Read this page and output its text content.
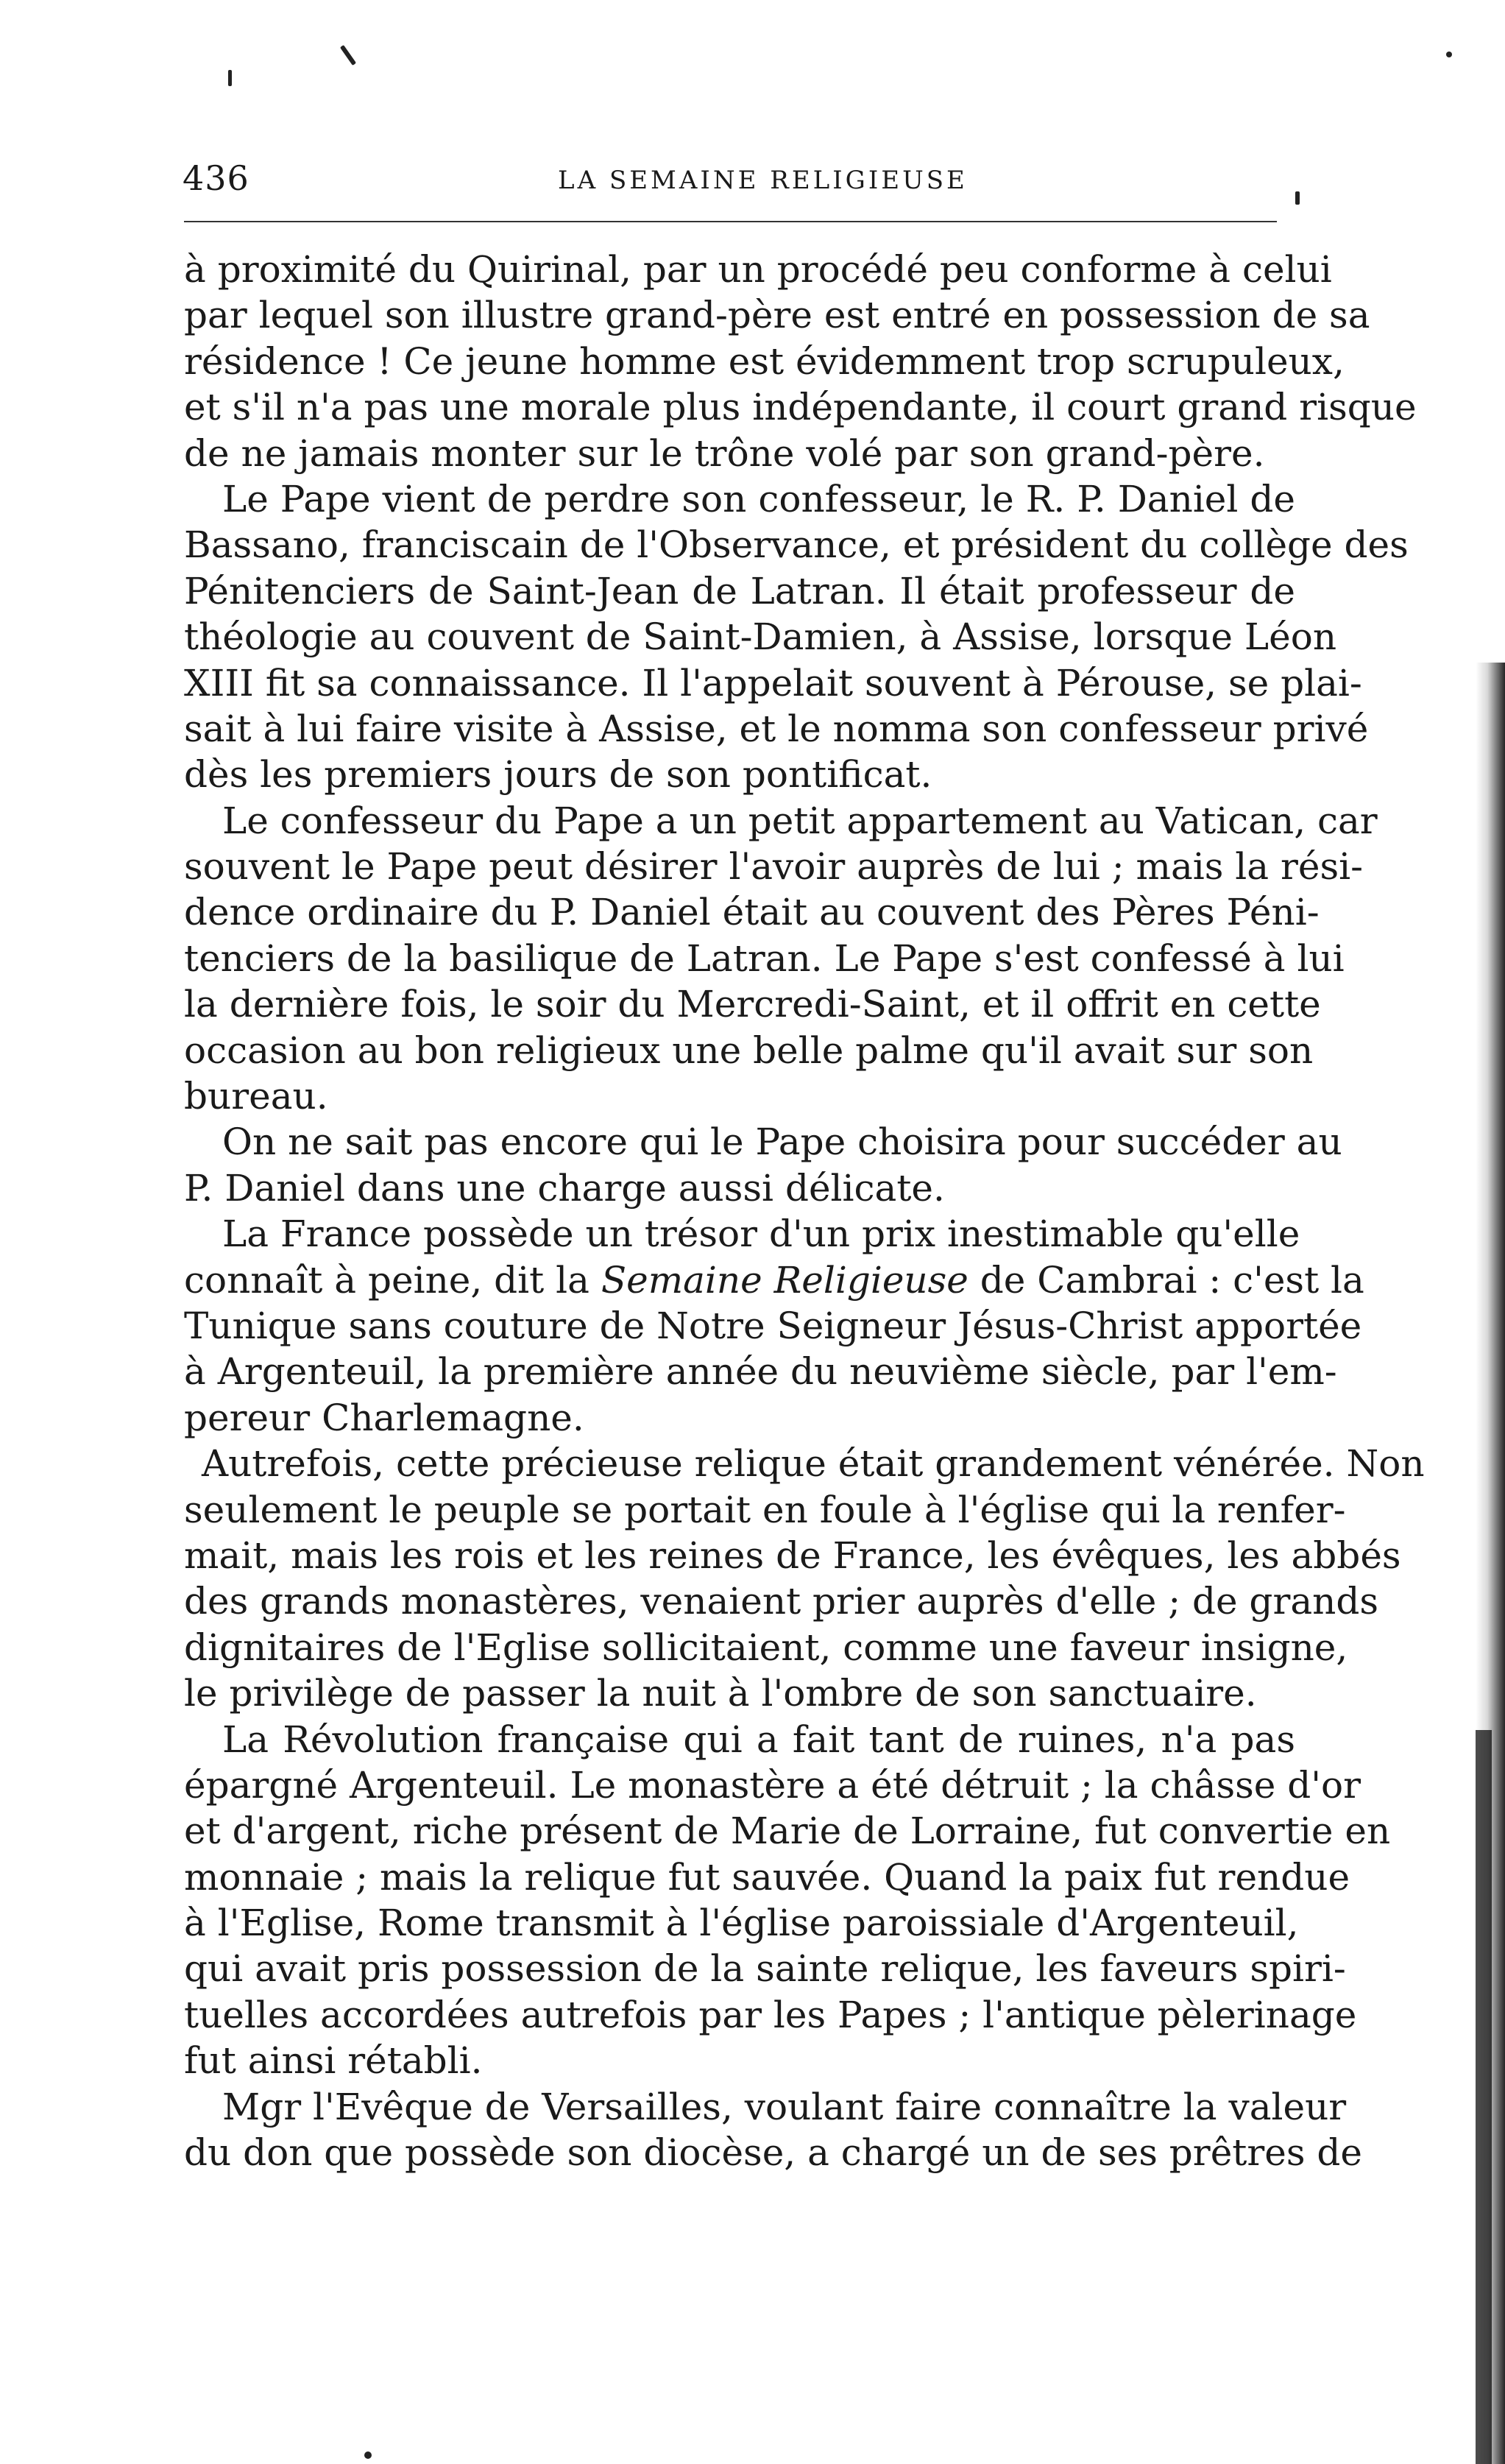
436	LA SEMAINE RELIGIEUSE
à proximité du Quirinal, par un procédé peu conforme à celui
par lequel son illustre grand-père est entré en possession de sa
résidence ! Ce jeune homme est évidemment trop scrupuleux,
et s'il n'a pas une morale plus indépendante, il court grand risque
de ne jamais monter sur le trône volé par son grand-père.
Le Pape vient de perdre son confesseur, le R. P. Daniel de
Bassano, franciscain de l'Observance, et président du collège des
Pénitenciers de Saint-Jean de Latran. Il était professeur de
théologie au couvent de Saint-Damien, à Assise, lorsque Léon
XIII fit sa connaissance. Il l'appelait souvent à Pérouse, se plai-
sait à lui faire visite à Assise, et le nomma son confesseur privé
dès les premiers jours de son pontificat.
Le confesseur du Pape a un petit appartement au Vatican, car
souvent le Pape peut désirer l'avoir auprès de lui ; mais la rési-
dence ordinaire du P. Daniel était au couvent des Pères Péni-
tenciers de la basilique de Latran. Le Pape s'est confessé à lui
la dernière fois, le soir du Mercredi-Saint, et il offrit en cette
occasion au bon religieux une belle palme qu'il avait sur son
bureau.
On ne sait pas encore qui le Pape choisira pour succéder au
P. Daniel dans une charge aussi délicate.
La France possède un trésor d'un prix inestimable qu'elle
connaît à peine, dit la Semaine Religieuse de Cambrai : c'est la
Tunique sans couture de Notre Seigneur Jésus-Christ apportée
à Argenteuil, la première année du neuvième siècle, par l'em-
pereur Charlemagne.
Autrefois, cette précieuse relique était grandement vénérée. Non
seulement le peuple se portait en foule à l'église qui la renfer-
mait, mais les rois et les reines de France, les évêques, les abbés
des grands monastères, venaient prier auprès d'elle ; de grands
dignitaires de l'Eglise sollicitaient, comme une faveur insigne,
le privilège de passer la nuit à l'ombre de son sanctuaire.
La Révolution française qui a fait tant de ruines, n'a pas
épargné Argenteuil. Le monastère a été détruit ; la châsse d'or
et d'argent, riche présent de Marie de Lorraine, fut convertie en
monnaie ; mais la relique fut sauvée. Quand la paix fut rendue
à l'Eglise, Rome transmit à l'église paroissiale d'Argenteuil,
qui avait pris possession de la sainte relique, les faveurs spiri-
tuelles accordées autrefois par les Papes ; l'antique pèlerinage
fut ainsi rétabli.
Mgr l'Evêque de Versailles, voulant faire connaître la valeur
du don que possède son diocèse, a chargé un de ses prêtres de
